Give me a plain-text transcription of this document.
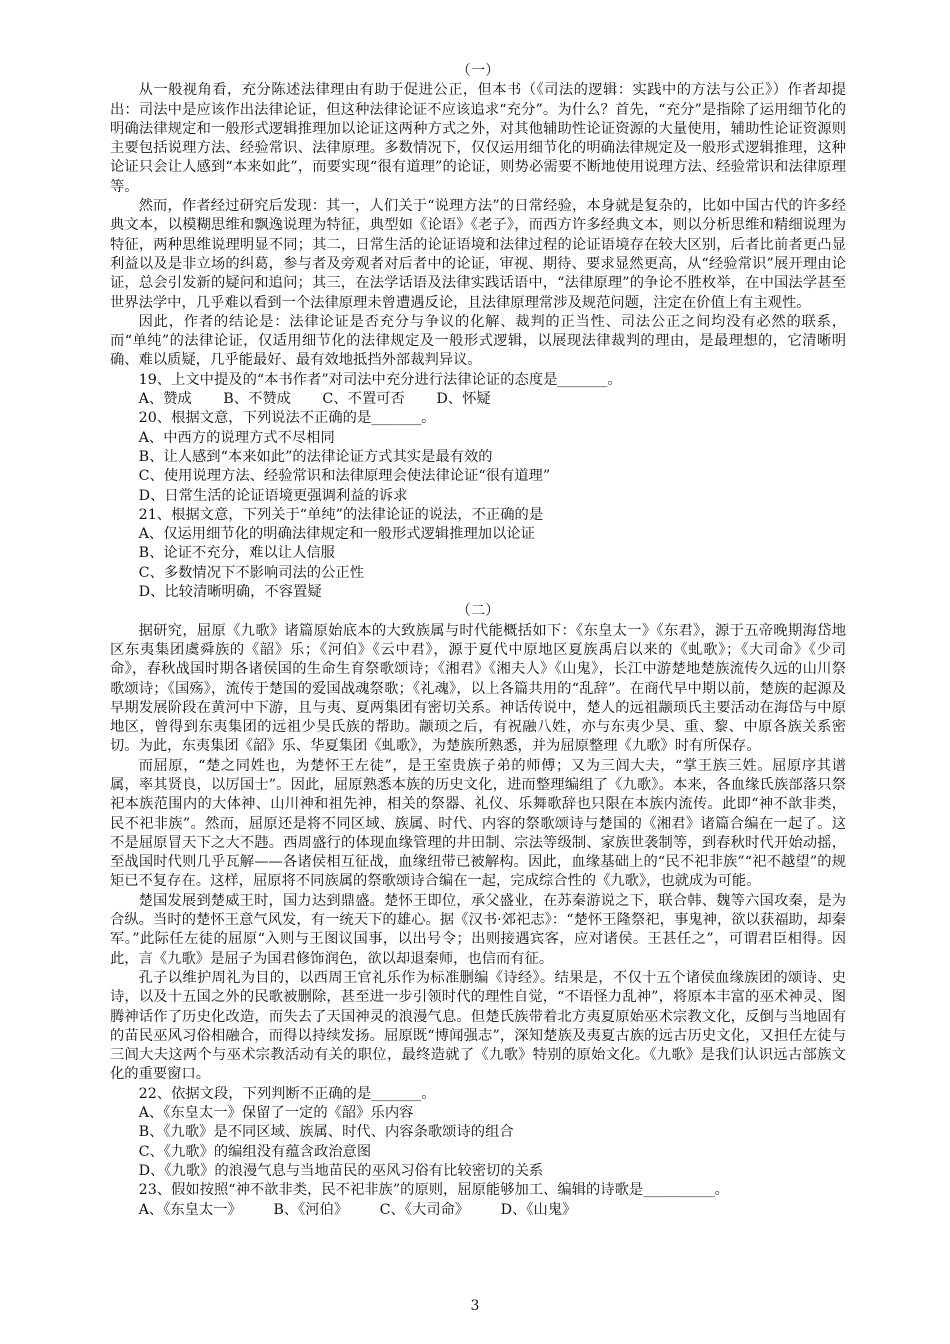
（一）

从一般视角看，充分陈述法律理由有助于促进公正，但本书（《司法的逻辑：实践中的方法与公正》）作者却提出：司法中是应该作出法律论证，但这种法律论证不应该追求“充分”。为什么？首先，“充分”是指除了运用细节化的明确法律规定和一般形式逻辑推理加以论证这两种方式之外，对其他辅助性论证资源的大量使用，辅助性论证资源则主要包括说理方法、经验常识、法律原理。多数情况下，仅仅运用细节化的明确法律规定及一般形式逻辑推理，这种论证只会让人感到“本来如此”，而要实现“很有道理”的论证，则势必需要不断地使用说理方法、经验常识和法律原理等。

然而，作者经过研究后发现：其一，人们关于“说理方法”的日常经验，本身就是复杂的，比如中国古代的许多经典文本，以模糊思维和飘逸说理为特征，典型如《论语》《老子》，而西方许多经典文本，则以分析思维和精细说理为特征，两种思维说理明显不同；其二，日常生活的论证语境和法律过程的论证语境存在较大区别，后者比前者更凸显利益以及是非立场的纠葛，参与者及旁观者对后者中的论证，审视、期待、要求显然更高，从“经验常识”展开理由论证，总会引发新的疑问和追问；其三，在法学话语及法律实践话语中，“法律原理”的争论不胜枚举，在中国法学甚至世界法学中，几乎难以看到一个法律原理未曾遭遇反论，且法律原理常涉及规范问题，注定在价值上有主观性。

因此，作者的结论是：法律论证是否充分与争议的化解、裁判的正当性、司法公正之间均没有必然的联系，而“单纯”的法律论证，仅适用细节化的法律规定及一般形式逻辑，以展现法律裁判的理由，是最理想的，它清晰明确、难以质疑，几乎能最好、最有效地抵挡外部裁判异议。

19、上文中提及的“本书作者”对司法中充分进行法律论证的态度是_______。

A、赞成 B、不赞成 C、不置可否 D、怀疑

20、根据文意，下列说法不正确的是_______。

A、中西方的说理方式不尽相同

B、让人感到“本来如此”的法律论证方式其实是最有效的

C、使用说理方法、经验常识和法律原理会使法律论证“很有道理”

D、日常生活的论证语境更强调利益的诉求

21、根据文意，下列关于“单纯”的法律论证的说法，不正确的是

A、仅运用细节化的明确法律规定和一般形式逻辑推理加以论证

B、论证不充分，难以让人信服

C、多数情况下不影响司法的公正性

D、比较清晰明确，不容置疑

（二）

据研究，屈原《九歌》诸篇原始底本的大致族属与时代能概括如下：《东皇太一》《东君》，源于五帝晚期海岱地区东夷集团虞舜族的《韶》乐；《河伯》《云中君》，源于夏代中原地区夏族禹启以来的《虬歌》；《大司命》《少司命》，春秋战国时期各诸侯国的生命生育祭歌颂诗；《湘君》《湘夫人》《山鬼》，长江中游楚地楚族流传久远的山川祭歌颂诗；《国殇》，流传于楚国的爱国战魂祭歌；《礼魂》，以上各篇共用的“乱辞”。在商代早中期以前，楚族的起源及早期发展阶段在黄河中下游，且与夷、夏两集团有密切关系。神话传说中，楚人的远祖颛顼氏主要活动在海岱与中原地区，曾得到东夷集团的远祖少昊氏族的帮助。颛顼之后，有祝融八姓，亦与东夷少昊、重、黎、中原各族关系密切。为此，东夷集团《韶》乐、华夏集团《虬歌》，为楚族所熟悉，并为屈原整理《九歌》时有所保存。

而屈原，“楚之同姓也，为楚怀王左徒”，是王室贵族子弟的师傅；又为三闾大夫，“掌王族三姓。屈原序其谱属，率其贤良，以厉国士”。因此，屈原熟悉本族的历史文化，进而整理编组了《九歌》。本来，各血缘氏族部落只祭祀本族范围内的大体神、山川神和祖先神，相关的祭器、礼仪、乐舞歌辞也只限在本族内流传。此即“神不歆非类，民不祀非族”。然而，屈原还是将不同区域、族属、时代、内容的祭歌颂诗与楚国的《湘君》诸篇合编在一起了。这不是屈原冒天下之大不韪。西周盛行的体现血缘管理的井田制、宗法等级制、家族世袭制等，到春秋时代开始动摇，至战国时代则几乎瓦解——各诸侯相互征战，血缘纽带已被解构。因此，血缘基础上的“民不祀非族”“祀不越望”的规矩已不复存在。这样，屈原将不同族属的祭歌颂诗合编在一起，完成综合性的《九歌》，也就成为可能。

楚国发展到楚威王时，国力达到鼎盛。楚怀王即位，承父盛业，在苏秦游说之下，联合韩、魏等六国攻秦，是为合纵。当时的楚怀王意气风发，有一统天下的雄心。据《汉书·郊祀志》：“楚怀王隆祭祀，事鬼神，欲以获福助，却秦军。”此际任左徒的屈原“入则与王图议国事，以出号令；出则接遇宾客，应对诸侯。王甚任之”，可谓君臣相得。因此，言《九歌》是屈子为国君修饰润色，欲以却退秦师，也信而有征。

孔子以维护周礼为目的，以西周王官礼乐作为标准删编《诗经》。结果是，不仅十五个诸侯血缘族团的颂诗、史诗，以及十五国之外的民歌被删除，甚至进一步引领时代的理性自觉，“不语怪力乱神”，将原本丰富的巫术神灵、图腾神话作了历史化改造，而失去了天国神灵的浪漫气息。但楚氏族带着北方夷夏原始巫术宗教文化，反倒与当地固有的苗民巫风习俗相融合，而得以持续发扬。屈原既“博闻强志”，深知楚族及夷夏古族的远古历史文化，又担任左徒与三闾大夫这两个与巫术宗教活动有关的职位，最终造就了《九歌》特别的原始文化。《九歌》是我们认识远古部族文化的重要窗口。

22、依据文段，下列判断不正确的是_______。

A、《东皇太一》保留了一定的《韶》乐内容

B、《九歌》是不同区域、族属、时代、内容条歌颂诗的组合

C、《九歌》的编组没有蕴含政治意图

D、《九歌》的浪漫气息与当地苗民的巫风习俗有比较密切的关系

23、假如按照“神不歆非类，民不祀非族”的原则，屈原能够加工、编辑的诗歌是__________。

A、《东皇太一》 B、《河伯》 C、《大司命》 D、《山鬼》

3
